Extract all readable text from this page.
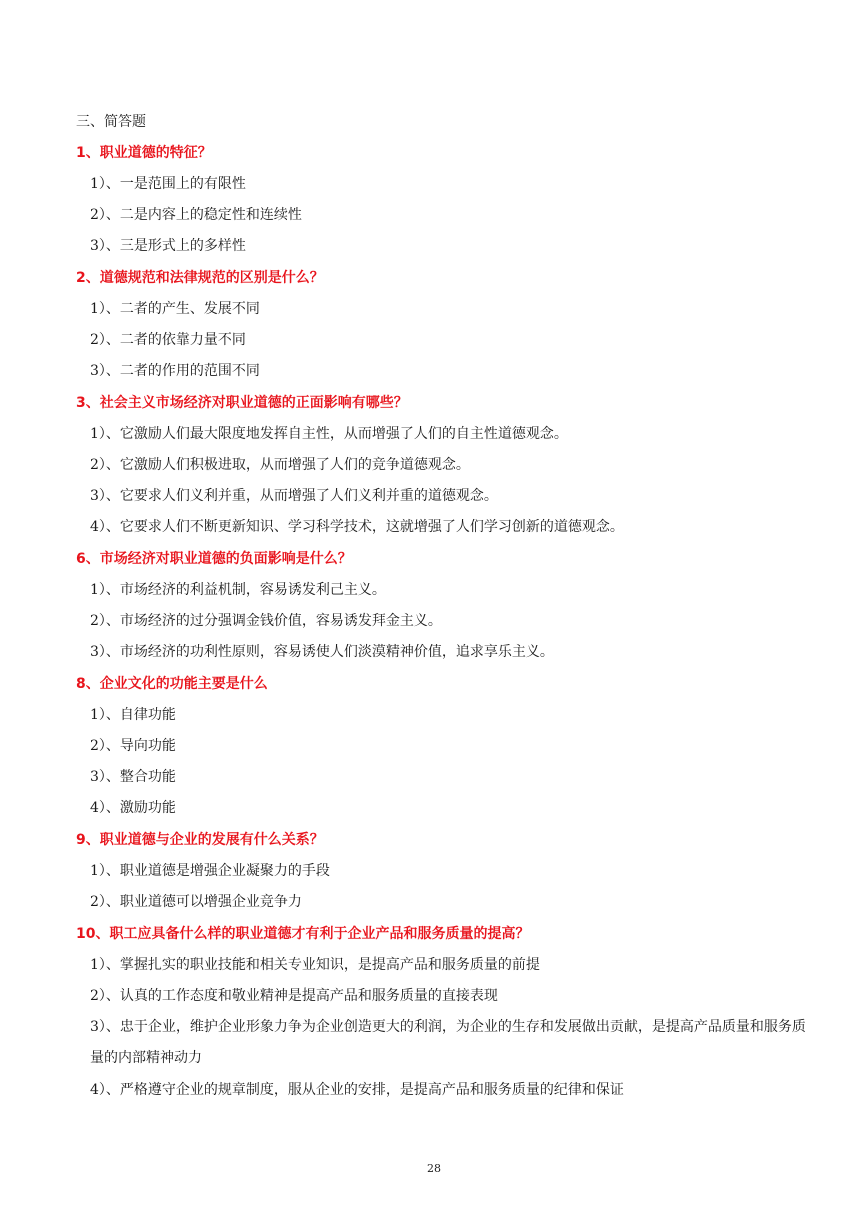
三、简答题
1、职业道德的特征？
1）、一是范围上的有限性
2）、二是内容上的稳定性和连续性
3）、三是形式上的多样性
2、道德规范和法律规范的区别是什么？
1）、二者的产生、发展不同
2）、二者的依靠力量不同
3）、二者的作用的范围不同
3、社会主义市场经济对职业道德的正面影响有哪些？
1）、它激励人们最大限度地发挥自主性，从而增强了人们的自主性道德观念。
2）、它激励人们积极进取，从而增强了人们的竞争道德观念。
3）、它要求人们义利并重，从而增强了人们义利并重的道德观念。
4）、它要求人们不断更新知识、学习科学技术，这就增强了人们学习创新的道德观念。
6、市场经济对职业道德的负面影响是什么？
1）、市场经济的利益机制，容易诱发利己主义。
2）、市场经济的过分强调金钱价值，容易诱发拜金主义。
3）、市场经济的功利性原则，容易诱使人们淡漠精神价值，追求享乐主义。
8、企业文化的功能主要是什么
1）、自律功能
2）、导向功能
3）、整合功能
4）、激励功能
9、职业道德与企业的发展有什么关系？
1）、职业道德是增强企业凝聚力的手段
2）、职业道德可以增强企业竞争力
10、职工应具备什么样的职业道德才有利于企业产品和服务质量的提高？
1）、掌握扎实的职业技能和相关专业知识，是提高产品和服务质量的前提
2）、认真的工作态度和敬业精神是提高产品和服务质量的直接表现
3）、忠于企业，维护企业形象力争为企业创造更大的利润，为企业的生存和发展做出贡献，是提高产品质量和服务质量的内部精神动力
4）、严格遵守企业的规章制度，服从企业的安排，是提高产品和服务质量的纪律和保证
28
